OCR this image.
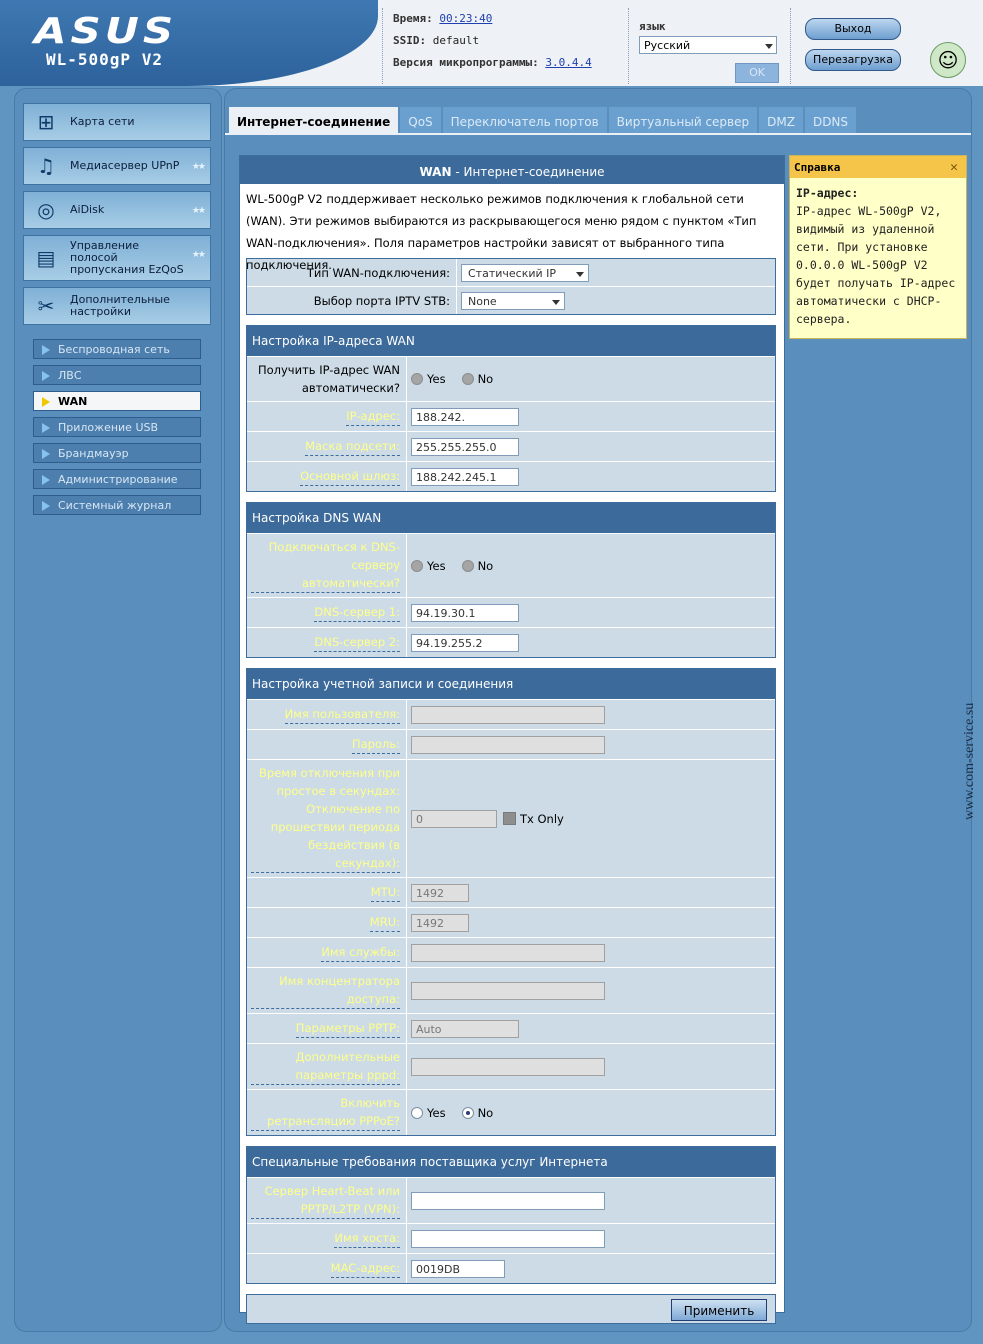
ASUS
WL-500gP V2
Время: 00:23:40
SSID: default
Версия микропрограммы: 3.0.4.4
язык
Русский
OK
Выход
Перезагрузка	☺
⊞	Карта сети
♫ Медиасервер UPnP ★★
◎ AiDisk	★★
▤
Управление полосой пропускания EzQoS
★★
✂	Дополнительные настройки
Беспроводная сеть
ЛВС
WAN
Приложение USB
Брандмауэр
Администрирование
Системный журнал
Интернет-соединение	QoS	Переключатель портов	Виртуальный сервер	DMZ	DDNS
WAN - Интернет-соединение
WL-500gP V2 поддерживает несколько режимов подключения к глобальной сети (WAN). Эти режимов выбираются из раскрывающегося меню рядом с пунктом «Тип WAN-подключения». Поля параметров настройки зависят от выбранного типа подключения.
Тип WAN-подключения:	Статический IP
Выбор порта IPTV STB:	None
Настройка IP-адреса WAN
Получить IP-адрес WAN автоматически?
Yes	No
IP-адрес:	188.242.
Маска подсети:	255.255.255.0
Основной шлюз:	188.242.245.1
Настройка DNS WAN
Подключаться к DNS-серверу автоматически?
Yes	No
DNS-сервер 1:	94.19.30.1
DNS-сервер 2:	94.19.255.2
Настройка учетной записи и соединения
Имя пользователя:
Пароль:
Время отключения при простое в секундах: Отключение по прошествии периода бездействия (в секундах):
0	Tx Only
MTU:	1492
MRU:	1492
Имя службы:
Имя концентратора доступа:
Параметры PPTP:	Auto
Дополнительные параметры pppd:
Включить ретрансляцию PPPoE?
Yes	No
Специальные требования поставщика услуг Интернета
Сервер Heart-Beat или PPTP/L2TP (VPN):
Имя хоста:
MAC-адрес:	0019DB
Применить
Справка	✕
IP-адрес:
IP-адрес WL-500gP V2, видимый из удаленной сети. При установке 0.0.0.0 WL-500gP V2 будет получать IP-адрес автоматически с DHCP-сервера.
www.com-service.su
